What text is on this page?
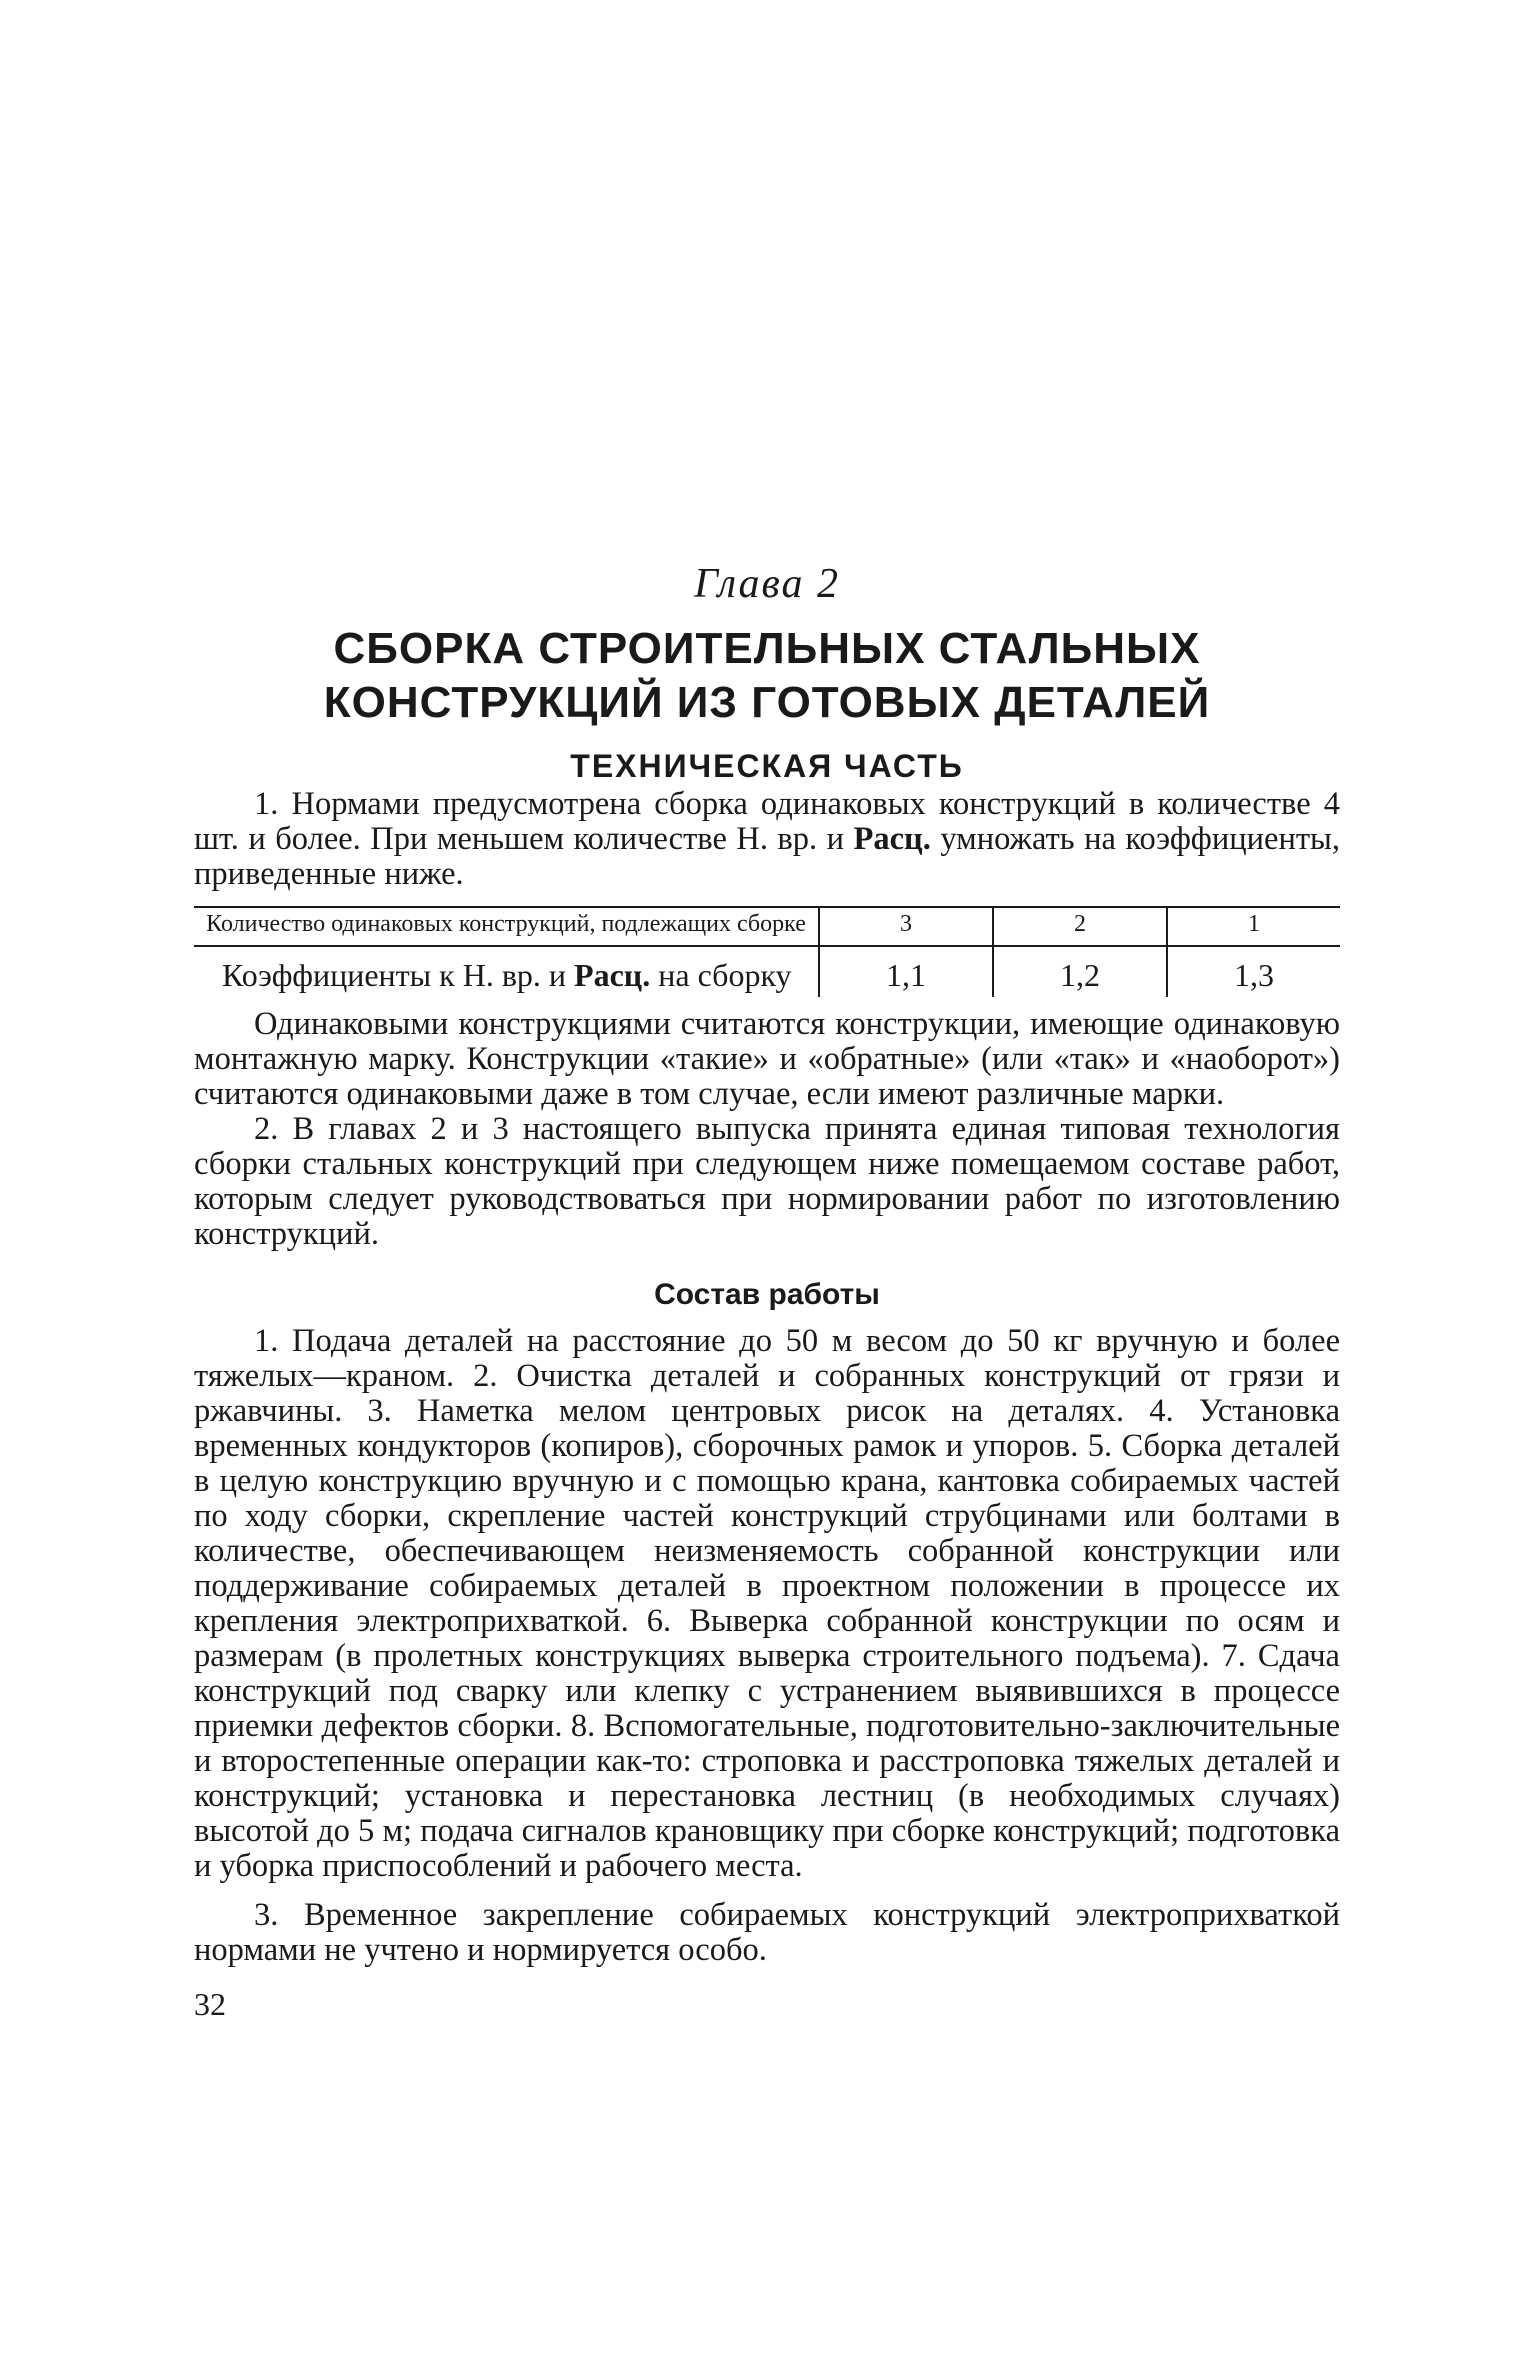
Глава 2
СБОРКА СТРОИТЕЛЬНЫХ СТАЛЬНЫХ
КОНСТРУКЦИЙ ИЗ ГОТОВЫХ ДЕТАЛЕЙ
ТЕХНИЧЕСКАЯ ЧАСТЬ

1. Нормами предусмотрена сборка одинаковых конструкций в количестве 4 шт. и более. При меньшем количестве Н. вр. и Расц. умножать на коэффициенты, приведенные ниже.

Количество одинаковых конструкций, подлежащих сборке	3	2	1
Коэффициенты к Н. вр. и Расц. на сборку	1,1	1,2	1,3

Одинаковыми конструкциями считаются конструкции, имеющие одинаковую монтажную марку. Конструкции «такие» и «обратные» (или «так» и «наоборот») считаются одинаковыми даже в том случае, если имеют различные марки.

2. В главах 2 и 3 настоящего выпуска принята единая типовая технология сборки стальных конструкций при следующем ниже помещаемом составе работ, которым следует руководствоваться при нормировании работ по изготовлению конструкций.

Состав работы

1. Подача деталей на расстояние до 50 м весом до 50 кг вручную и более тяжелых—краном. 2. Очистка деталей и собранных конструкций от грязи и ржавчины. 3. Наметка мелом центровых рисок на деталях. 4. Установка временных кондукторов (копиров), сборочных рамок и упоров. 5. Сборка деталей в целую конструкцию вручную и с помощью крана, кантовка собираемых частей по ходу сборки, скрепление частей конструкций струбцинами или болтами в количестве, обеспечивающем неизменяемость собранной конструкции или поддерживание собираемых деталей в проектном положении в процессе их крепления электроприхваткой. 6. Выверка собранной конструкции по осям и размерам (в пролетных конструкциях выверка строительного подъема). 7. Сдача конструкций под сварку или клепку с устранением выявившихся в процессе приемки дефектов сборки. 8. Вспомогательные, подготовительно-заключительные и второстепенные операции как-то: строповка и расстроповка тяжелых деталей и конструкций; установка и перестановка лестниц (в необходимых случаях) высотой до 5 м; подача сигналов крановщику при сборке конструкций; подготовка и уборка приспособлений и рабочего места.

3. Временное закрепление собираемых конструкций электроприхваткой нормами не учтено и нормируется особо.

32
